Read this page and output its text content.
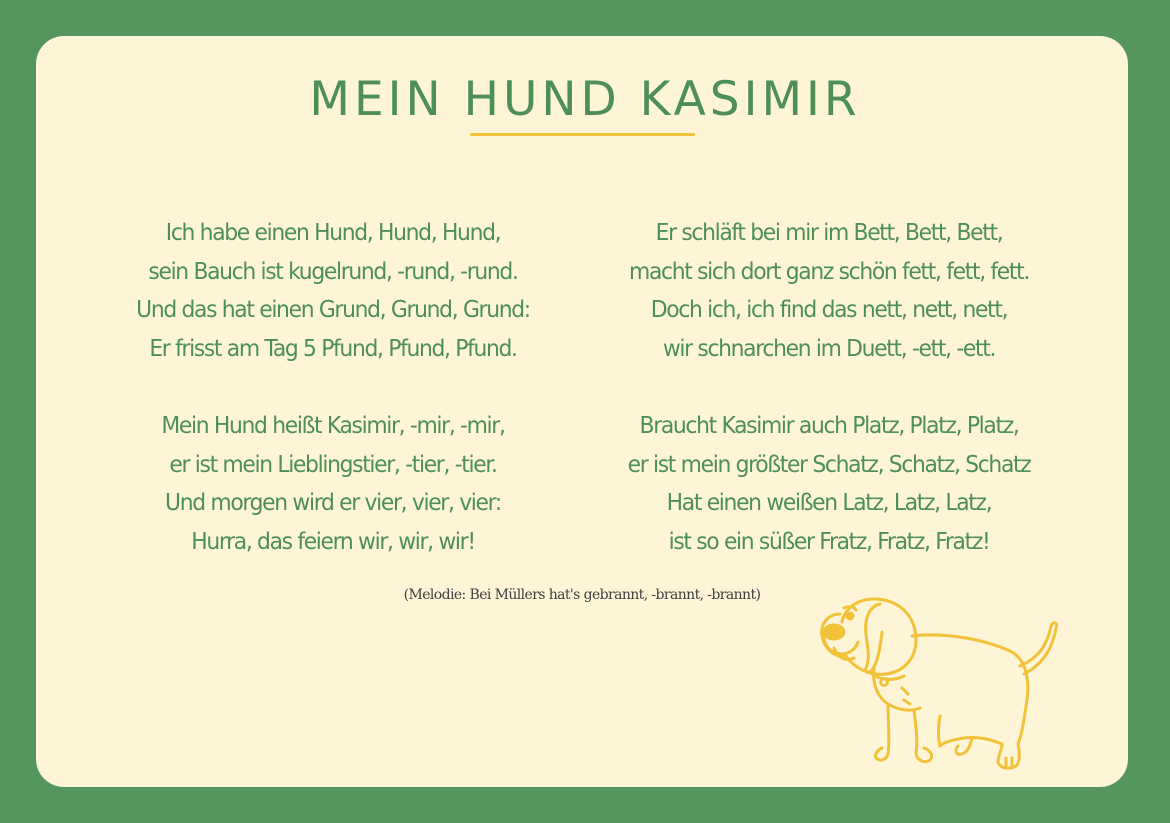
MEIN HUND KASIMIR
Ich habe einen Hund, Hund, Hund,
sein Bauch ist kugelrund, -rund, -rund.
Und das hat einen Grund, Grund, Grund:
Er frisst am Tag 5 Pfund, Pfund, Pfund.
Mein Hund heißt Kasimir, -mir, -mir,
er ist mein Lieblingstier, -tier, -tier.
Und morgen wird er vier, vier, vier:
Hurra, das feiern wir, wir, wir!
Er schläft bei mir im Bett, Bett, Bett,
macht sich dort ganz schön fett, fett, fett.
Doch ich, ich find das nett, nett, nett,
wir schnarchen im Duett, -ett, -ett.
Braucht Kasimir auch Platz, Platz, Platz,
er ist mein größter Schatz, Schatz, Schatz
Hat einen weißen Latz, Latz, Latz,
ist so ein süßer Fratz, Fratz, Fratz!
(Melodie: Bei Müllers hat's gebrannt, -brannt, -brannt)
